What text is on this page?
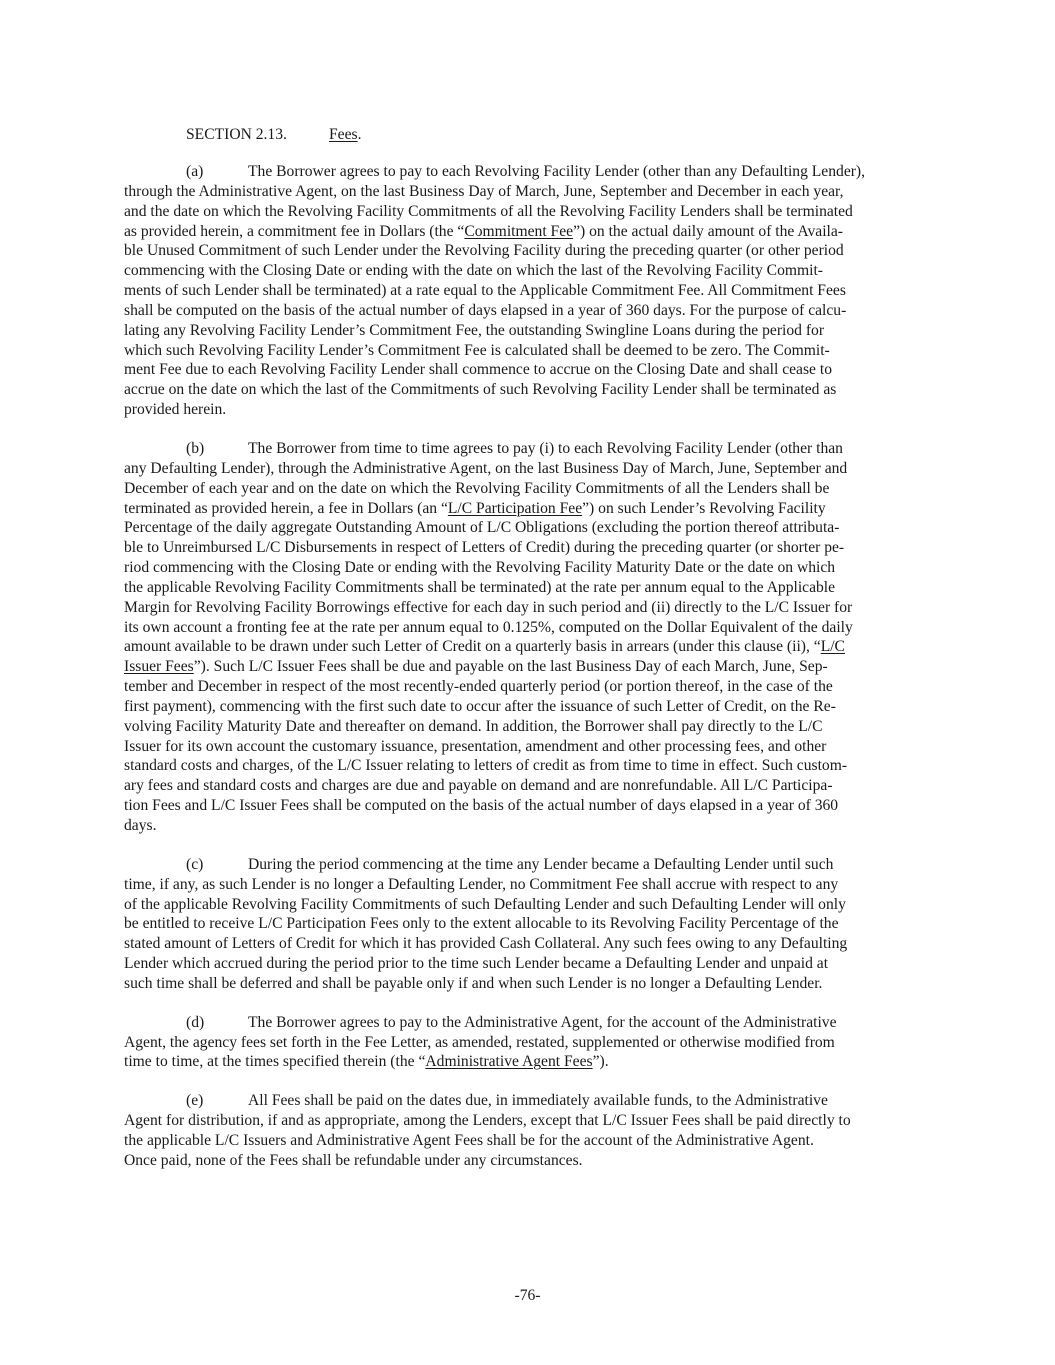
SECTION 2.13.	Fees.
(a)	The Borrower agrees to pay to each Revolving Facility Lender (other than any Defaulting Lender),
through the Administrative Agent, on the last Business Day of March, June, September and December in each year,
and the date on which the Revolving Facility Commitments of all the Revolving Facility Lenders shall be terminated
as provided herein, a commitment fee in Dollars (the “Commitment Fee”) on the actual daily amount of the Availa-
ble Unused Commitment of such Lender under the Revolving Facility during the preceding quarter (or other period
commencing with the Closing Date or ending with the date on which the last of the Revolving Facility Commit-
ments of such Lender shall be terminated) at a rate equal to the Applicable Commitment Fee. All Commitment Fees
shall be computed on the basis of the actual number of days elapsed in a year of 360 days. For the purpose of calcu-
lating any Revolving Facility Lender’s Commitment Fee, the outstanding Swingline Loans during the period for
which such Revolving Facility Lender’s Commitment Fee is calculated shall be deemed to be zero. The Commit-
ment Fee due to each Revolving Facility Lender shall commence to accrue on the Closing Date and shall cease to
accrue on the date on which the last of the Commitments of such Revolving Facility Lender shall be terminated as
provided herein.
(b)	The Borrower from time to time agrees to pay (i) to each Revolving Facility Lender (other than
any Defaulting Lender), through the Administrative Agent, on the last Business Day of March, June, September and
December of each year and on the date on which the Revolving Facility Commitments of all the Lenders shall be
terminated as provided herein, a fee in Dollars (an “L/C Participation Fee”) on such Lender’s Revolving Facility
Percentage of the daily aggregate Outstanding Amount of L/C Obligations (excluding the portion thereof attributa-
ble to Unreimbursed L/C Disbursements in respect of Letters of Credit) during the preceding quarter (or shorter pe-
riod commencing with the Closing Date or ending with the Revolving Facility Maturity Date or the date on which
the applicable Revolving Facility Commitments shall be terminated) at the rate per annum equal to the Applicable
Margin for Revolving Facility Borrowings effective for each day in such period and (ii) directly to the L/C Issuer for
its own account a fronting fee at the rate per annum equal to 0.125%, computed on the Dollar Equivalent of the daily
amount available to be drawn under such Letter of Credit on a quarterly basis in arrears (under this clause (ii), “L/C
Issuer Fees”). Such L/C Issuer Fees shall be due and payable on the last Business Day of each March, June, Sep-
tember and December in respect of the most recently-ended quarterly period (or portion thereof, in the case of the
first payment), commencing with the first such date to occur after the issuance of such Letter of Credit, on the Re-
volving Facility Maturity Date and thereafter on demand. In addition, the Borrower shall pay directly to the L/C
Issuer for its own account the customary issuance, presentation, amendment and other processing fees, and other
standard costs and charges, of the L/C Issuer relating to letters of credit as from time to time in effect. Such custom-
ary fees and standard costs and charges are due and payable on demand and are nonrefundable. All L/C Participa-
tion Fees and L/C Issuer Fees shall be computed on the basis of the actual number of days elapsed in a year of 360
days.
(c)	During the period commencing at the time any Lender became a Defaulting Lender until such
time, if any, as such Lender is no longer a Defaulting Lender, no Commitment Fee shall accrue with respect to any
of the applicable Revolving Facility Commitments of such Defaulting Lender and such Defaulting Lender will only
be entitled to receive L/C Participation Fees only to the extent allocable to its Revolving Facility Percentage of the
stated amount of Letters of Credit for which it has provided Cash Collateral. Any such fees owing to any Defaulting
Lender which accrued during the period prior to the time such Lender became a Defaulting Lender and unpaid at
such time shall be deferred and shall be payable only if and when such Lender is no longer a Defaulting Lender.
(d)	The Borrower agrees to pay to the Administrative Agent, for the account of the Administrative
Agent, the agency fees set forth in the Fee Letter, as amended, restated, supplemented or otherwise modified from
time to time, at the times specified therein (the “Administrative Agent Fees”).
(e)	All Fees shall be paid on the dates due, in immediately available funds, to the Administrative
Agent for distribution, if and as appropriate, among the Lenders, except that L/C Issuer Fees shall be paid directly to
the applicable L/C Issuers and Administrative Agent Fees shall be for the account of the Administrative Agent.
Once paid, none of the Fees shall be refundable under any circumstances.
-76-
